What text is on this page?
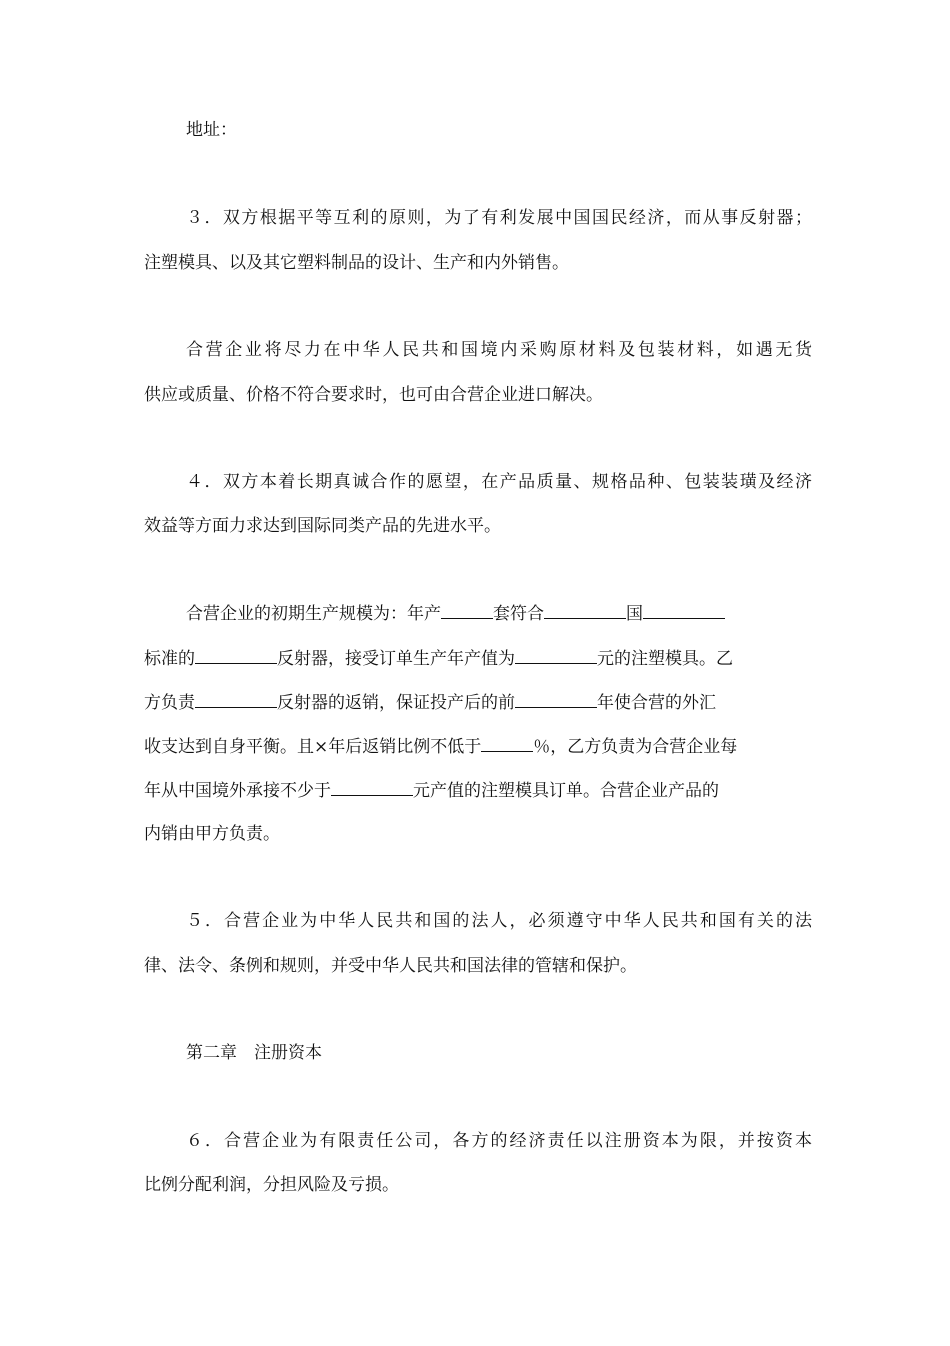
地址：
３．双方根据平等互利的原则，为了有利发展中国国民经济，而从事反射器；
注塑模具、以及其它塑料制品的设计、生产和内外销售。
合营企业将尽力在中华人民共和国境内采购原材料及包装材料，如遇无货
供应或质量、价格不符合要求时，也可由合营企业进口解决。
４．双方本着长期真诚合作的愿望，在产品质量、规格品种、包装装璜及经济
效益等方面力求达到国际同类产品的先进水平。
合营企业的初期生产规模为：年产	套符合	国
标准的	反射器，接受订单生产年产值为	元的注塑模具。乙
方负责	反射器的返销，保证投产后的前	年使合营的外汇
收支达到自身平衡。且×年后返销比例不低于	％，乙方负责为合营企业每
年从中国境外承接不少于	元产值的注塑模具订单。合营企业产品的
内销由甲方负责。
５．合营企业为中华人民共和国的法人，必须遵守中华人民共和国有关的法
律、法令、条例和规则，并受中华人民共和国法律的管辖和保护。
第二章　注册资本
６．合营企业为有限责任公司，各方的经济责任以注册资本为限，并按资本
比例分配利润，分担风险及亏损。
